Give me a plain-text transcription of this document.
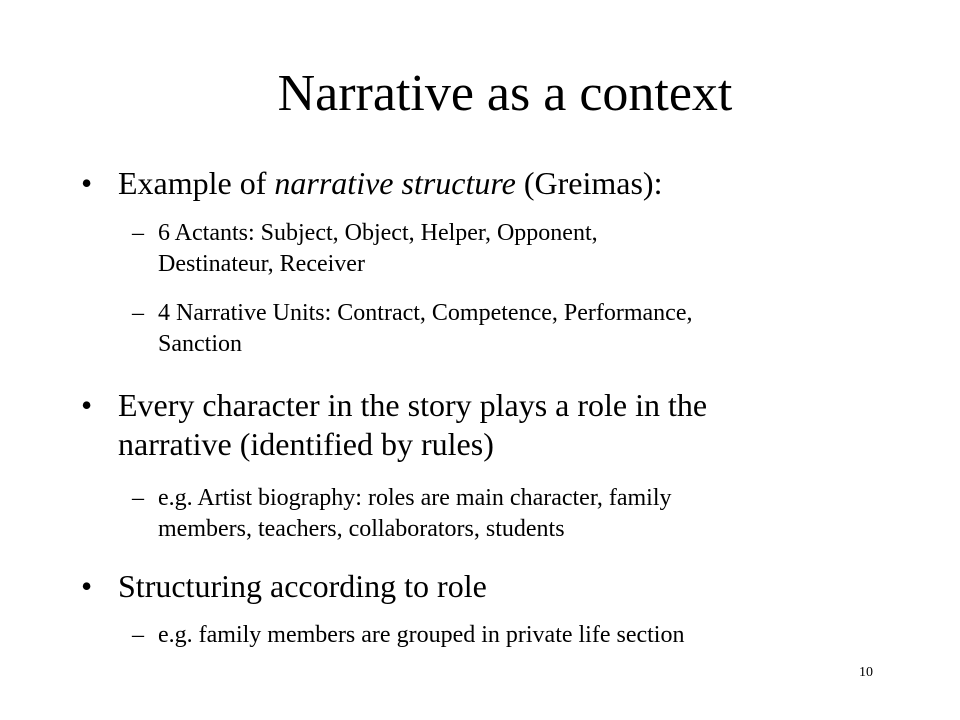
Narrative as a context
• Example of narrative structure (Greimas):
– 6 Actants: Subject, Object, Helper, Opponent,
Destinateur, Receiver
– 4 Narrative Units: Contract, Competence, Performance,
Sanction
• Every character in the story plays a role in the
narrative (identified by rules)
– e.g. Artist biography: roles are main character, family
members, teachers, collaborators, students
• Structuring according to role
– e.g. family members are grouped in private life section
10
